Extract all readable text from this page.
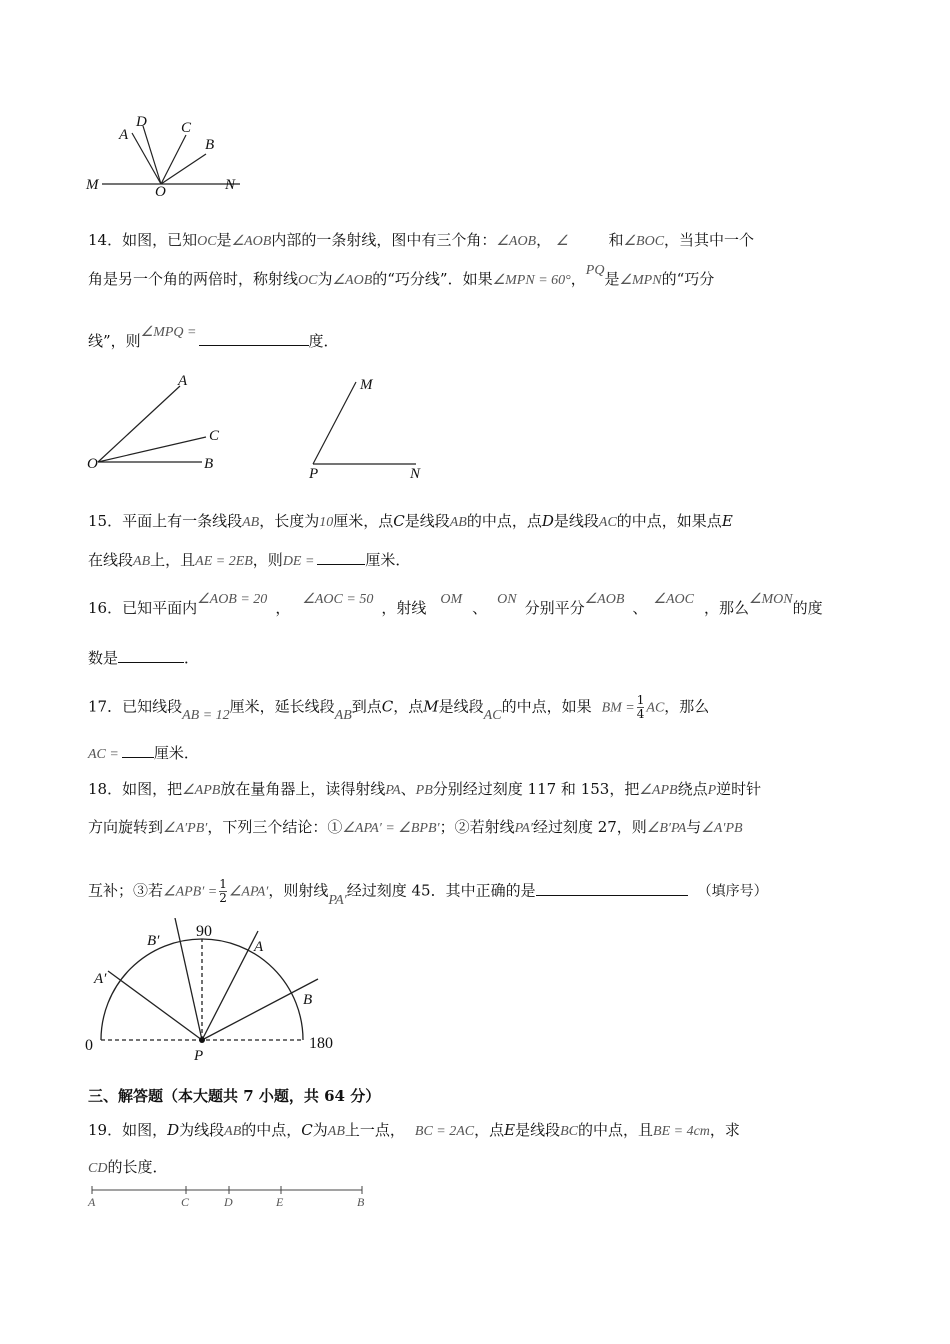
A
D C
B
M	O	N
14．如图，已知OC是∠AOB内部的一条射线，图中有三个角：∠AOB， ∠	和∠BOC，当其中一个
角是另一个角的两倍时，称射线OC为∠AOB的“巧分线”．如果∠MPN = 60°，PQ是∠MPN的“巧分
线”，则∠MPQ =	度．
A
C
O	B
M
P	N
15．平面上有一条线段AB，长度为10厘米，点C是线段AB的中点，点D是线段AC的中点，如果点E
在线段AB上，且AE = 2EB，则DE =	厘米．
16．已知平面内∠AOB = 20 ， ∠AOC = 50 ，射线 OM 、 ON 分别平分∠AOB 、 ∠AOC ，那么∠MON的度
数是	．
17．已知线段AB = 12厘米，延长线段AB到点C，点M是线段AC的中点，如果 BM = $\frac{1}{4}$ AC，那么
AC = 厘米．
18．如图，把∠APB放在量角器上，读得射线PA、PB分别经过刻度 117 和 153，把∠APB绕点P逆时针
方向旋转到∠A′PB′，下列三个结论：①∠APA′ = ∠BPB′；②若射线PA′经过刻度 27，则∠B′PA与∠A′PB
互补；③若∠APB′ = $\frac{1}{2}$ ∠APA′，则射线PA′经过刻度 45．其中正确的是	（填序号）
90
0	180
B′
A′
A
B
P
三、解答题（本大题共 7 小题，共 64 分）
19．如图，D为线段AB的中点，C为AB上一点， BC = 2AC，点E是线段BC的中点，且BE = 4cm，求
CD的长度．
A	C	D	E	B
